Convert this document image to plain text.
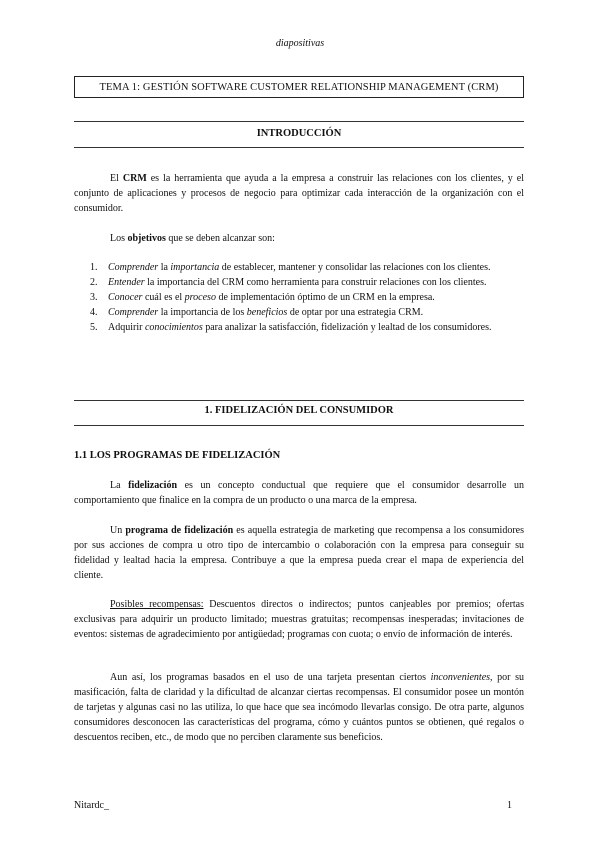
diapositivas
TEMA 1: GESTIÓN SOFTWARE CUSTOMER RELATIONSHIP MANAGEMENT (CRM)
INTRODUCCIÓN
El CRM es la herramienta que ayuda a la empresa a construir las relaciones con los clientes, y el conjunto de aplicaciones y procesos de negocio para optimizar cada interacción de la organización con el consumidor.
Los objetivos que se deben alcanzar son:
1. Comprender la importancia de establecer, mantener y consolidar las relaciones con los clientes.
2. Entender la importancia del CRM como herramienta para construir relaciones con los clientes.
3. Conocer cuál es el proceso de implementación óptimo de un CRM en la empresa.
4. Comprender la importancia de los beneficios de optar por una estrategia CRM.
5. Adquirir conocimientos para analizar la satisfacción, fidelización y lealtad de los consumidores.
1. FIDELIZACIÓN DEL CONSUMIDOR
1.1 LOS PROGRAMAS DE FIDELIZACIÓN
La fidelización es un concepto conductual que requiere que el consumidor desarrolle un comportamiento que finalice en la compra de un producto o una marca de la empresa.
Un programa de fidelización es aquella estrategia de marketing que recompensa a los consumidores por sus acciones de compra u otro tipo de intercambio o colaboración con la empresa para conseguir su fidelidad y lealtad hacia la empresa. Contribuye a que la empresa pueda crear el mapa de experiencia del cliente.
Posibles recompensas: Descuentos directos o indirectos; puntos canjeables por premios; ofertas exclusivas para adquirir un producto limitado; muestras gratuitas; recompensas inesperadas; invitaciones de eventos: sistemas de agradecimiento por antigüedad; programas con cuota; o envío de información de interés.
Aun así, los programas basados en el uso de una tarjeta presentan ciertos inconvenientes, por su masificación, falta de claridad y la dificultad de alcanzar ciertas recompensas. El consumidor posee un montón de tarjetas y algunas casi no las utiliza, lo que hace que sea incómodo llevarlas consigo. De otra parte, algunos consumidores desconocen las características del programa, cómo y cuántos puntos se obtienen, qué regalos o descuentos reciben, etc., de modo que no perciben claramente sus beneficios.
Nitardc_	1
